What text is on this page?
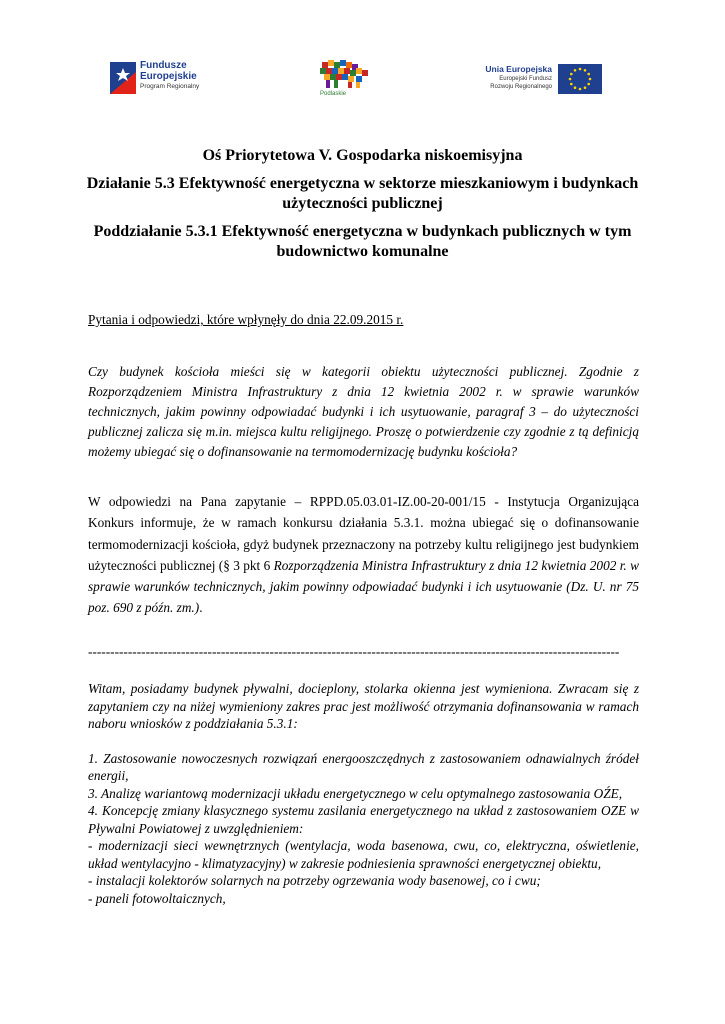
Fundusze
Europejskie
Program Regionalny
Podlaskie
Unia Europejska
Europejski Fundusz
Rozwoju Regionalnego

Oś Priorytetowa V. Gospodarka niskoemisyjna

Działanie 5.3 Efektywność energetyczna w sektorze mieszkaniowym i budynkach użyteczności publicznej

Poddziałanie 5.3.1 Efektywność energetyczna w budynkach publicznych w tym budownictwo komunalne

Pytania i odpowiedzi, które wpłynęły do dnia 22.09.2015 r.
Czy budynek kościoła mieści się w kategorii obiektu użyteczności publicznej. Zgodnie z Rozporządzeniem Ministra Infrastruktury z dnia 12 kwietnia 2002 r. w sprawie warunków technicznych, jakim powinny odpowiadać budynki i ich usytuowanie, paragraf 3 – do użyteczności publicznej zalicza się m.in. miejsca kultu religijnego. Proszę o potwierdzenie czy zgodnie z tą definicją możemy ubiegać się o dofinansowanie na termomodernizację budynku kościoła?
W odpowiedzi na Pana zapytanie – RPPD.05.03.01-IZ.00-20-001/15 - Instytucja Organizująca Konkurs informuje, że w ramach konkursu działania 5.3.1. można ubiegać się o dofinansowanie termomodernizacji kościoła, gdyż budynek przeznaczony na potrzeby kultu religijnego jest budynkiem użyteczności publicznej (§ 3 pkt 6 Rozporządzenia Ministra Infrastruktury z dnia 12 kwietnia 2002 r. w sprawie warunków technicznych, jakim powinny odpowiadać budynki i ich usytuowanie (Dz. U. nr 75 poz. 690 z późn. zm.).
------------------------------------------------------------------------------------------------------------------------

Witam, posiadamy budynek pływalni, docieplony, stolarka okienna jest wymieniona. Zwracam się z zapytaniem czy na niżej wymieniony zakres prac jest możliwość otrzymania dofinansowania w ramach naboru wniosków z poddziałania 5.3.1:

1. Zastosowanie nowoczesnych rozwiązań energooszczędnych z zastosowaniem odnawialnych źródeł energii,

3. Analizę wariantową modernizacji układu energetycznego w celu optymalnego zastosowania OŹE,

4. Koncepcję zmiany klasycznego systemu zasilania energetycznego na układ z zastosowaniem OZE w Pływalni Powiatowej z uwzględnieniem:

- modernizacji sieci wewnętrznych (wentylacja, woda basenowa, cwu, co, elektryczna, oświetlenie, układ wentylacyjno - klimatyzacyjny) w zakresie podniesienia sprawności energetycznej obiektu,

- instalacji kolektorów solarnych na potrzeby ogrzewania wody basenowej, co i cwu;

- paneli fotowoltaicznych,
